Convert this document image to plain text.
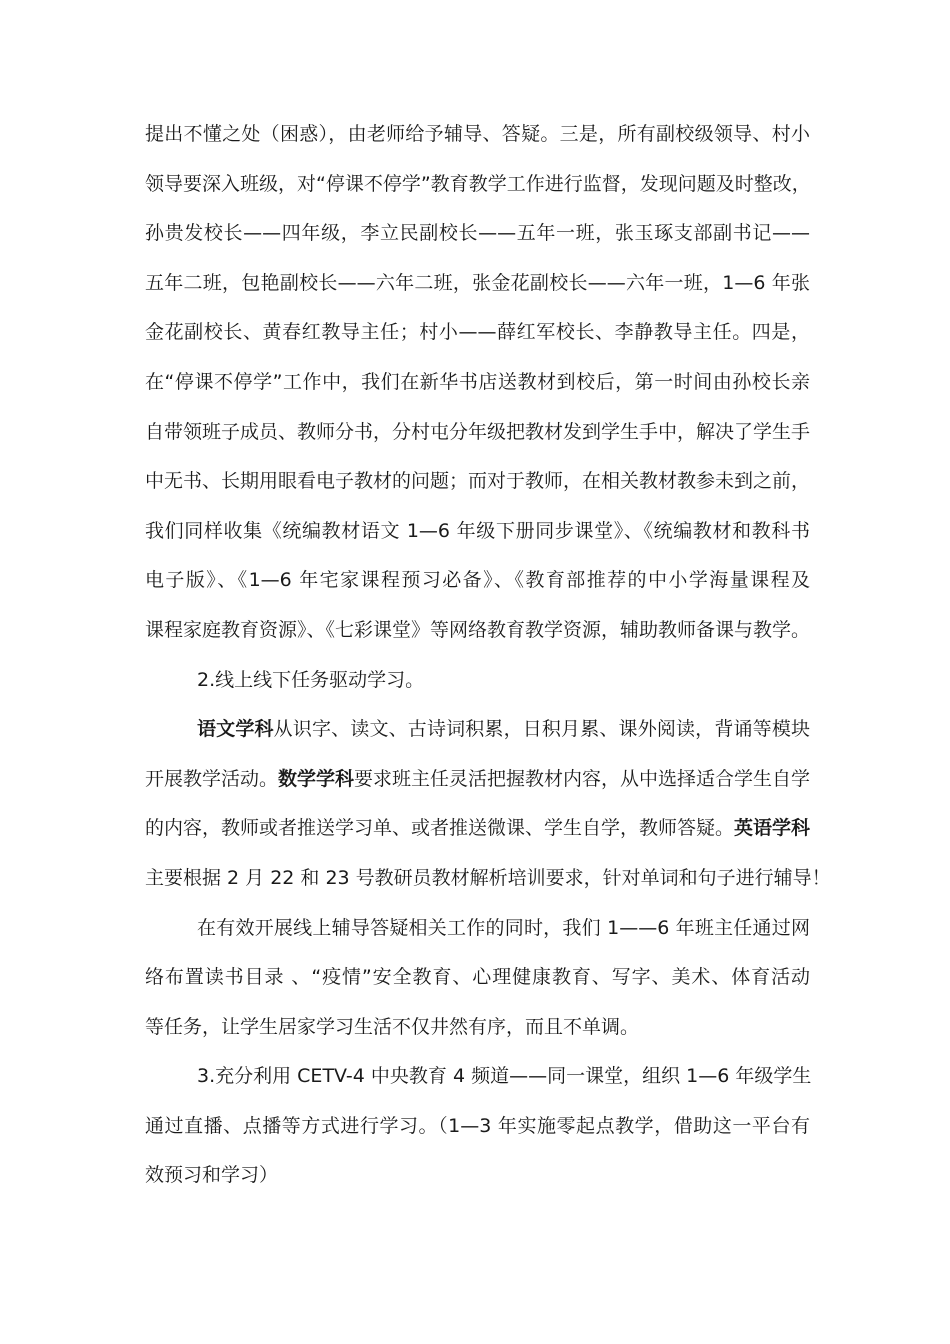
提出不懂之处（困惑），由老师给予辅导、答疑。三是，所有副校级领导、村小
领导要深入班级，对“停课不停学”教育教学工作进行监督，发现问题及时整改，
孙贵发校长——四年级，李立民副校长——五年一班，张玉琢支部副书记——
五年二班，包艳副校长——六年二班，张金花副校长——六年一班，1—6 年张
金花副校长、黄春红教导主任；村小——薛红军校长、李静教导主任。四是，
在“停课不停学”工作中，我们在新华书店送教材到校后，第一时间由孙校长亲
自带领班子成员、教师分书，分村屯分年级把教材发到学生手中，解决了学生手
中无书、长期用眼看电子教材的问题；而对于教师，在相关教材教参未到之前，
我们同样收集《统编教材语文 1—6 年级下册同步课堂》、《统编教材和教科书
电子版》、《1—6 年宅家课程预习必备》、《教育部推荐的中小学海量课程及
课程家庭教育资源》、《七彩课堂》等网络教育教学资源，辅助教师备课与教学。
2.线上线下任务驱动学习。
语文学科从识字、读文、古诗词积累，日积月累、课外阅读，背诵等模块
开展教学活动。数学学科要求班主任灵活把握教材内容，从中选择适合学生自学
的内容，教师或者推送学习单、或者推送微课、学生自学，教师答疑。英语学科
主要根据 2 月 22 和 23 号教研员教材解析培训要求，针对单词和句子进行辅导！
在有效开展线上辅导答疑相关工作的同时，我们 1——6 年班主任通过网
络布置读书目录 、“疫情”安全教育、心理健康教育、写字、美术、体育活动
等任务，让学生居家学习生活不仅井然有序，而且不单调。
3.充分利用 CETV-4 中央教育 4 频道——同一课堂，组织 1—6 年级学生
通过直播、点播等方式进行学习。（1—3 年实施零起点教学，借助这一平台有
效预习和学习）
